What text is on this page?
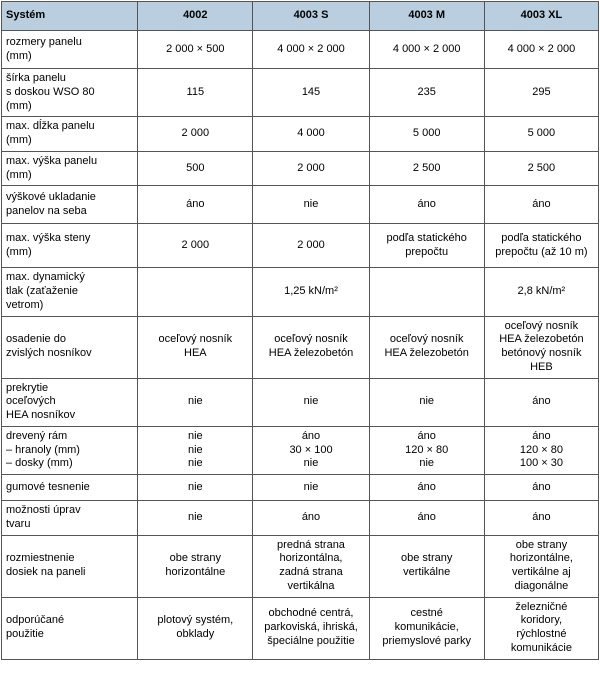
Systém	4002	4003 S	4003 M	4003 XL

rozmery panelu
(mm)	2 000 × 500	4 000 × 2 000	4 000 × 2 000	4 000 × 2 000

šírka panelu
s doskou WSO 80
(mm)	115	145	235	295

max. dĺžka panelu
(mm)	2 000	4 000	5 000	5 000

max. výška panelu
(mm)	500	2 000	2 500	2 500

výškové ukladanie
panelov na seba	áno	nie	áno	áno

max. výška steny
(mm)	2 000	2 000	podľa statického
prepočtu	podľa statického
prepočtu (až 10 m)

max. dynamický
tlak (zaťaženie
vetrom)		1,25 kN/m²		2,8 kN/m²

osadenie do
zvislých nosníkov	oceľový nosník
HEA	oceľový nosník
HEA železobetón	oceľový nosník
HEA železobetón	oceľový nosník
HEA železobetón
betónový nosník
HEB

prekrytie
oceľových
HEA nosníkov	nie	nie	nie	áno

drevený rám
– hranoly (mm)
– dosky (mm)	nie
nie
nie	áno
30 × 100
nie	áno
120 × 80
nie	áno
120 × 80
100 × 30

gumové tesnenie	nie	nie	áno	áno

možnosti úprav
tvaru	nie	áno	áno	áno

rozmiestnenie
dosiek na paneli	obe strany
horizontálne	predná strana
horizontálna,
zadná strana
vertikálna	obe strany
vertikálne	obe strany
horizontálne,
vertikálne aj
diagonálne

odporúčané
použitie	plotový systém,
obklady	obchodné centrá,
parkoviská, ihriská,
špeciálne použitie	cestné
komunikácie,
priemyslové parky	železničné
koridory,
rýchlostné
komunikácie
